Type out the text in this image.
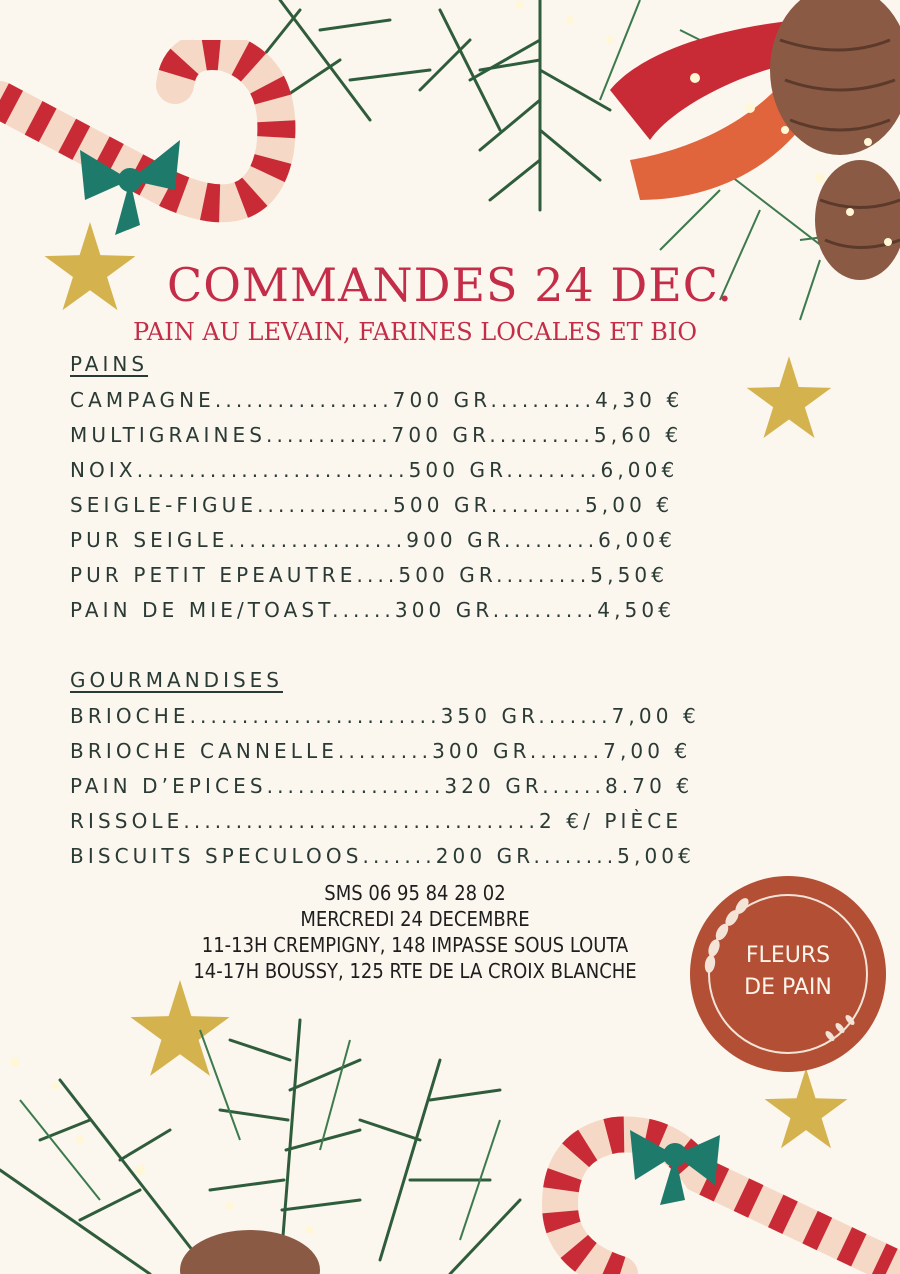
COMMANDES 24 DEC.
PAIN AU LEVAIN, FARINES LOCALES ET BIO
PAINS
CAMPAGNE.................700 GR..........4,30 €
MULTIGRAINES............700 GR..........5,60 €
NOIX..........................500 GR.........6,00€
SEIGLE-FIGUE.............500 GR.........5,00 €
PUR SEIGLE.................900 GR.........6,00€
PUR PETIT EPEAUTRE....500 GR.........5,50€
PAIN DE MIE/TOAST......300 GR..........4,50€
GOURMANDISES
BRIOCHE........................350 GR.......7,00 €
BRIOCHE CANNELLE.........300 GR.......7,00 €
PAIN D’EPICES.................320 GR......8.70 €
RISSOLE..................................2 €/ PIÈCE
BISCUITS SPECULOOS.......200 GR........5,00€
SMS 06 95 84 28 02
MERCREDI 24 DECEMBRE
11-13H CREMPIGNY, 148 IMPASSE SOUS LOUTA
14-17H BOUSSY, 125 RTE DE LA CROIX BLANCHE
FLEURS
DE PAIN
